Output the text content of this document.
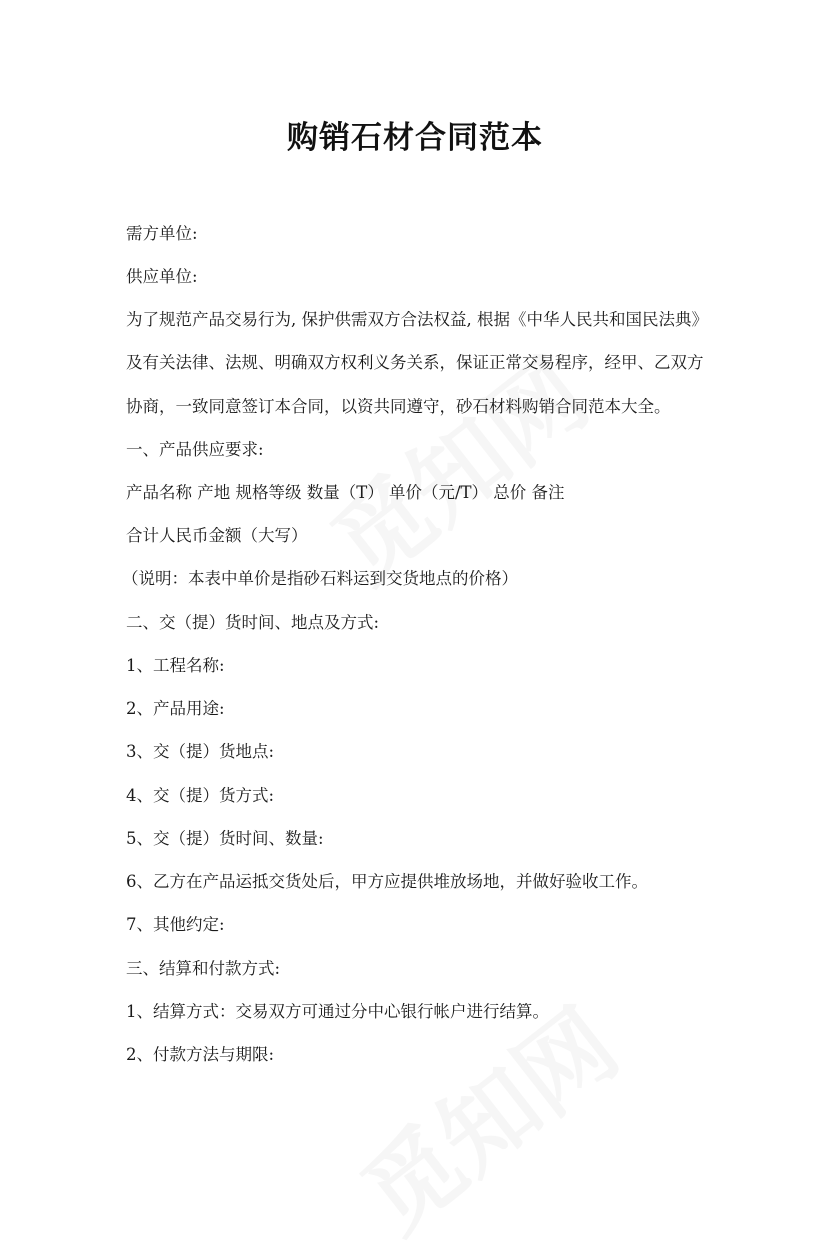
购销石材合同范本
需方单位:
供应单位:
为了规范产品交易行为, 保护供需双方合法权益, 根据《中华人民共和国民法典》
及有关法律、法规、明确双方权利义务关系，保证正常交易程序，经甲、乙双方
协商，一致同意签订本合同，以资共同遵守，砂石材料购销合同范本大全。
一、产品供应要求:
产品名称 产地 规格等级 数量（T） 单价（元/T） 总价 备注
合计人民币金额（大写）
（说明：本表中单价是指砂石料运到交货地点的价格）
二、交（提）货时间、地点及方式:
1、工程名称:
2、产品用途:
3、交（提）货地点:
4、交（提）货方式:
5、交（提）货时间、数量:
6、乙方在产品运抵交货处后，甲方应提供堆放场地，并做好验收工作。
7、其他约定:
三、结算和付款方式:
1、结算方式：交易双方可通过分中心银行帐户进行结算。
2、付款方法与期限:
